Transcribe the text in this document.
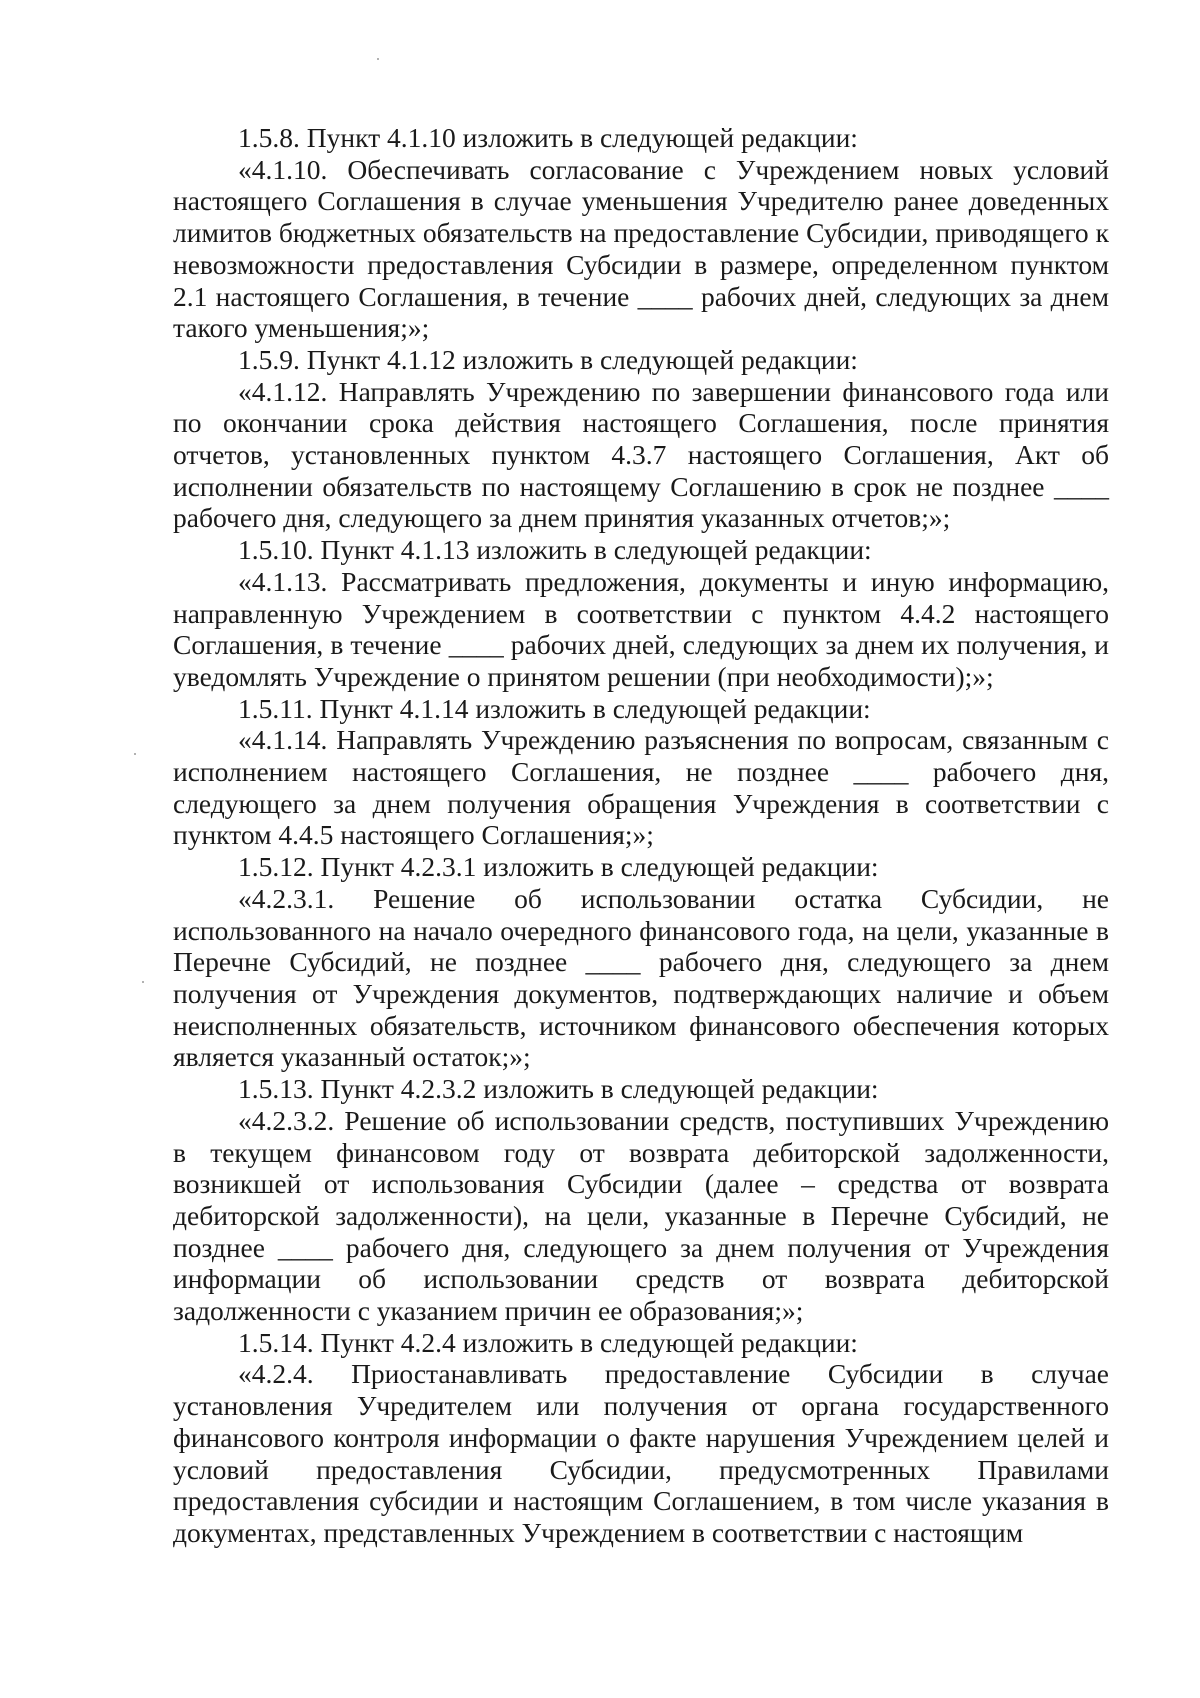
1.5.8. Пункт 4.1.10 изложить в следующей редакции:

«4.1.10. Обеспечивать согласование с Учреждением новых условий настоящего Соглашения в случае уменьшения Учредителю ранее доведенных лимитов бюджетных обязательств на предоставление Субсидии, приводящего к невозможности предоставления Субсидии в размере, определенном пунктом 2.1 настоящего Соглашения, в течение ____ рабочих дней, следующих за днем такого уменьшения;»;

1.5.9. Пункт 4.1.12 изложить в следующей редакции:

«4.1.12. Направлять Учреждению по завершении финансового года или по окончании срока действия настоящего Соглашения, после принятия отчетов, установленных пунктом 4.3.7 настоящего Соглашения, Акт об исполнении обязательств по настоящему Соглашению в срок не позднее ____ рабочего дня, следующего за днем принятия указанных отчетов;»;

1.5.10. Пункт 4.1.13 изложить в следующей редакции:

«4.1.13. Рассматривать предложения, документы и иную информацию, направленную Учреждением в соответствии с пунктом 4.4.2 настоящего Соглашения, в течение ____ рабочих дней, следующих за днем их получения, и уведомлять Учреждение о принятом решении (при необходимости);»;

1.5.11. Пункт 4.1.14 изложить в следующей редакции:

«4.1.14. Направлять Учреждению разъяснения по вопросам, связанным с исполнением настоящего Соглашения, не позднее ____ рабочего дня, следующего за днем получения обращения Учреждения в соответствии с пунктом 4.4.5 настоящего Соглашения;»;

1.5.12. Пункт 4.2.3.1 изложить в следующей редакции:

«4.2.3.1. Решение об использовании остатка Субсидии, не использованного на начало очередного финансового года, на цели, указанные в Перечне Субсидий, не позднее ____ рабочего дня, следующего за днем получения от Учреждения документов, подтверждающих наличие и объем неисполненных обязательств, источником финансового обеспечения которых является указанный остаток;»;

1.5.13. Пункт 4.2.3.2 изложить в следующей редакции:

«4.2.3.2. Решение об использовании средств, поступивших Учреждению в текущем финансовом году от возврата дебиторской задолженности, возникшей от использования Субсидии (далее – средства от возврата дебиторской задолженности), на цели, указанные в Перечне Субсидий, не позднее ____ рабочего дня, следующего за днем получения от Учреждения информации об использовании средств от возврата дебиторской задолженности с указанием причин ее образования;»;

1.5.14. Пункт 4.2.4 изложить в следующей редакции:

«4.2.4. Приостанавливать предоставление Субсидии в случае установления Учредителем или получения от органа государственного финансового контроля информации о факте нарушения Учреждением целей и условий предоставления Субсидии, предусмотренных Правилами предоставления субсидии и настоящим Соглашением, в том числе указания в документах, представленных Учреждением в соответствии с настоящим
